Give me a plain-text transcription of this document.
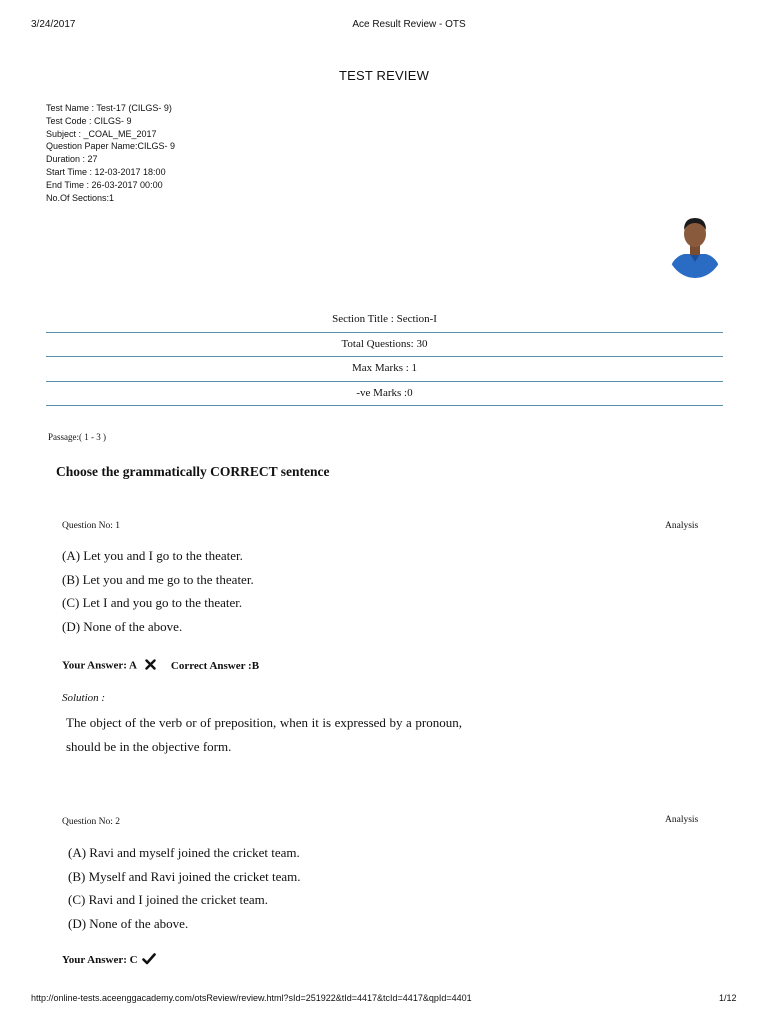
3/24/2017	Ace Result Review - OTS
TEST REVIEW
Test Name : Test-17 (CILGS- 9)
Test Code : CILGS- 9
Subject : _COAL_ME_2017
Question Paper Name:CILGS- 9
Duration : 27
Start Time : 12-03-2017 18:00
End Time : 26-03-2017 00:00
No.Of Sections:1
Section Title : Section-I
Total Questions: 30
Max Marks : 1
-ve Marks :0
Passage:( 1 - 3 )
Choose the grammatically CORRECT sentence
Question No: 1	Analysis
(A) Let you and I go to the theater.
(B) Let you and me go to the theater.
(C) Let I and you go to the theater.
(D) None of the above.
Your Answer: A	Correct Answer :B
Solution :
The object of the verb or of preposition, when it is expressed by a pronoun, should be in the objective form.
Question No: 2	Analysis
(A) Ravi and myself joined the cricket team.
(B) Myself and Ravi joined the cricket team.
(C) Ravi and I joined the cricket team.
(D) None of the above.
Your Answer: C
http://online-tests.aceenggacademy.com/otsReview/review.html?sId=251922&tId=4417&tcId=4417&qpId=4401	1/12
